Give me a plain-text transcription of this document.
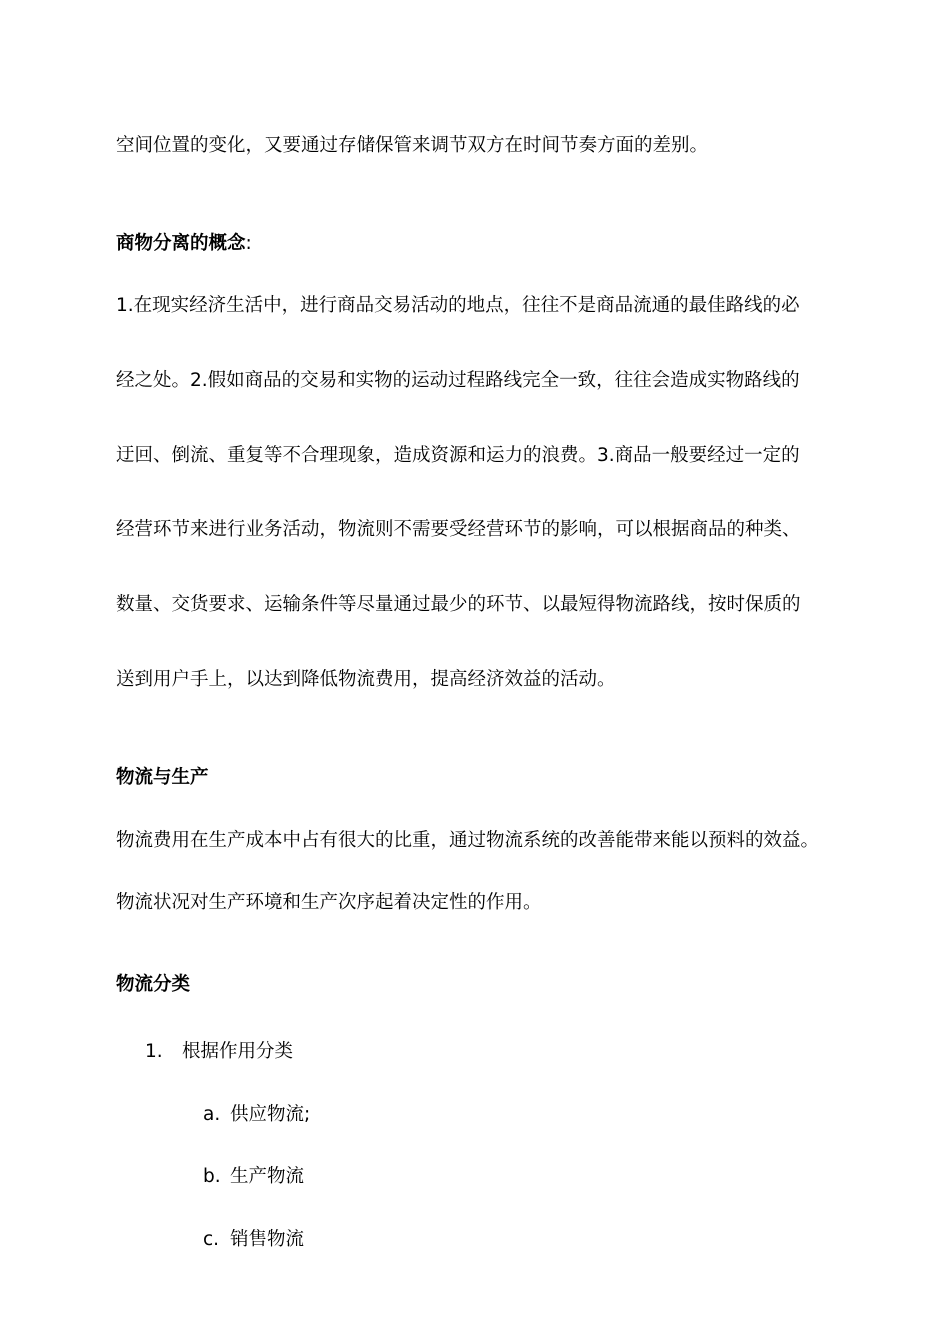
空间位置的变化，又要通过存储保管来调节双方在时间节奏方面的差别。
商物分离的概念:
1.在现实经济生活中，进行商品交易活动的地点，往往不是商品流通的最佳路线的必
经之处。2.假如商品的交易和实物的运动过程路线完全一致，往往会造成实物路线的
迂回、倒流、重复等不合理现象，造成资源和运力的浪费。3.商品一般要经过一定的
经营环节来进行业务活动，物流则不需要受经营环节的影响，可以根据商品的种类、
数量、交货要求、运输条件等尽量通过最少的环节、以最短得物流路线，按时保质的
送到用户手上，以达到降低物流费用，提高经济效益的活动。
物流与生产
物流费用在生产成本中占有很大的比重，通过物流系统的改善能带来能以预料的效益。
物流状况对生产环境和生产次序起着决定性的作用。
物流分类
1. 根据作用分类
a. 供应物流;
b. 生产物流
c. 销售物流
